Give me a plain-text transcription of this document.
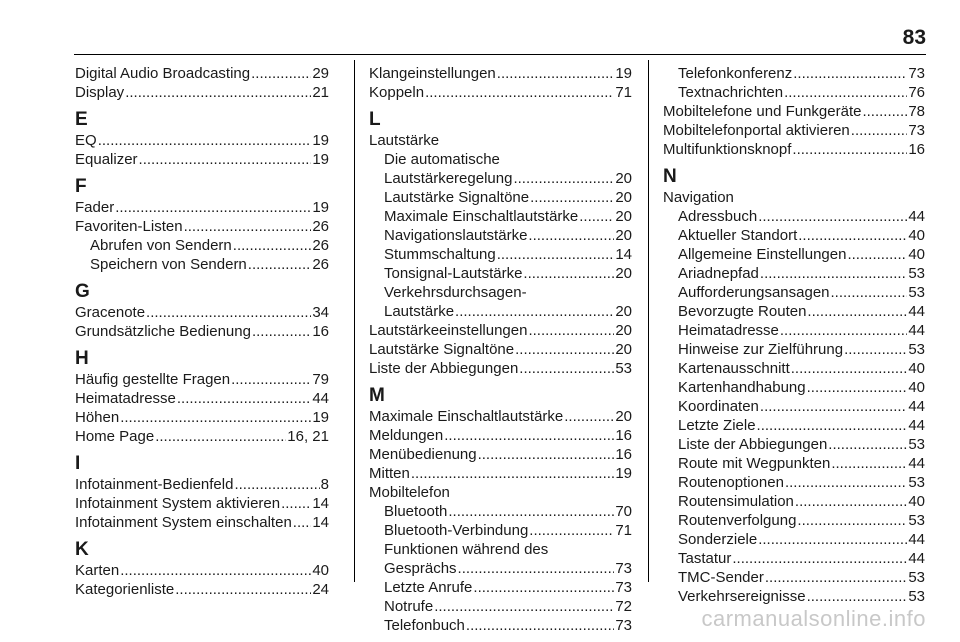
83
Digital Audio Broadcasting .....	29
Display .....	21
E
EQ .....	19
Equalizer .....	19
F
Fader .....	19
Favoriten-Listen .....	26
Abrufen von Sendern .....	26
Speichern von Sendern .....	26
G
Gracenote .....	34
Grundsätzliche Bedienung .....	16
H
Häufig gestellte Fragen .....	79
Heimatadresse .....	44
Höhen .....	19
Home Page .....	16, 21
I
Infotainment-Bedienfeld .....	8
Infotainment System aktivieren ..... 14
Infotainment System einschalten ..... 14
K
Karten .....	40
Kategorienliste .....	24
Klangeinstellungen .....	19
Koppeln .....	71
L
Lautstärke
Die automatische
Lautstärkeregelung .....	20
Lautstärke Signaltöne .....	20
Maximale Einschaltlautstärke ..... 20
Navigationslautstärke .....	20
Stummschaltung .....	14
Tonsignal-Lautstärke .....	20
Verkehrsdurchsagen-
Lautstärke .....	20
Lautstärkeeinstellungen .....	20
Lautstärke Signaltöne .....	20
Liste der Abbiegungen .....	53
M
Maximale Einschaltlautstärke .....	20
Meldungen .....	16
Menübedienung .....	16
Mitten .....	19
Mobiltelefon
Bluetooth .....	70
Bluetooth-Verbindung .....	71
Funktionen während des
Gesprächs .....	73
Letzte Anrufe .....	73
Notrufe .....	72
Telefonbuch .....	73
Telefonkonferenz .....	73
Textnachrichten .....	76
Mobiltelefone und Funkgeräte .....	78
Mobiltelefonportal aktivieren .....	73
Multifunktionsknopf .....	16
N
Navigation
Adressbuch .....	44
Aktueller Standort .....	40
Allgemeine Einstellungen .....	40
Ariadnepfad .....	53
Aufforderungsansagen .....	53
Bevorzugte Routen .....	44
Heimatadresse .....	44
Hinweise zur Zielführung .....	53
Kartenausschnitt .....	40
Kartenhandhabung .....	40
Koordinaten .....	44
Letzte Ziele .....	44
Liste der Abbiegungen .....	53
Route mit Wegpunkten .....	44
Routenoptionen .....	53
Routensimulation .....	40
Routenverfolgung .....	53
Sonderziele .....	44
Tastatur .....	44
TMC-Sender .....	53
Verkehrsereignisse .....	53
carmanualsonline.info
